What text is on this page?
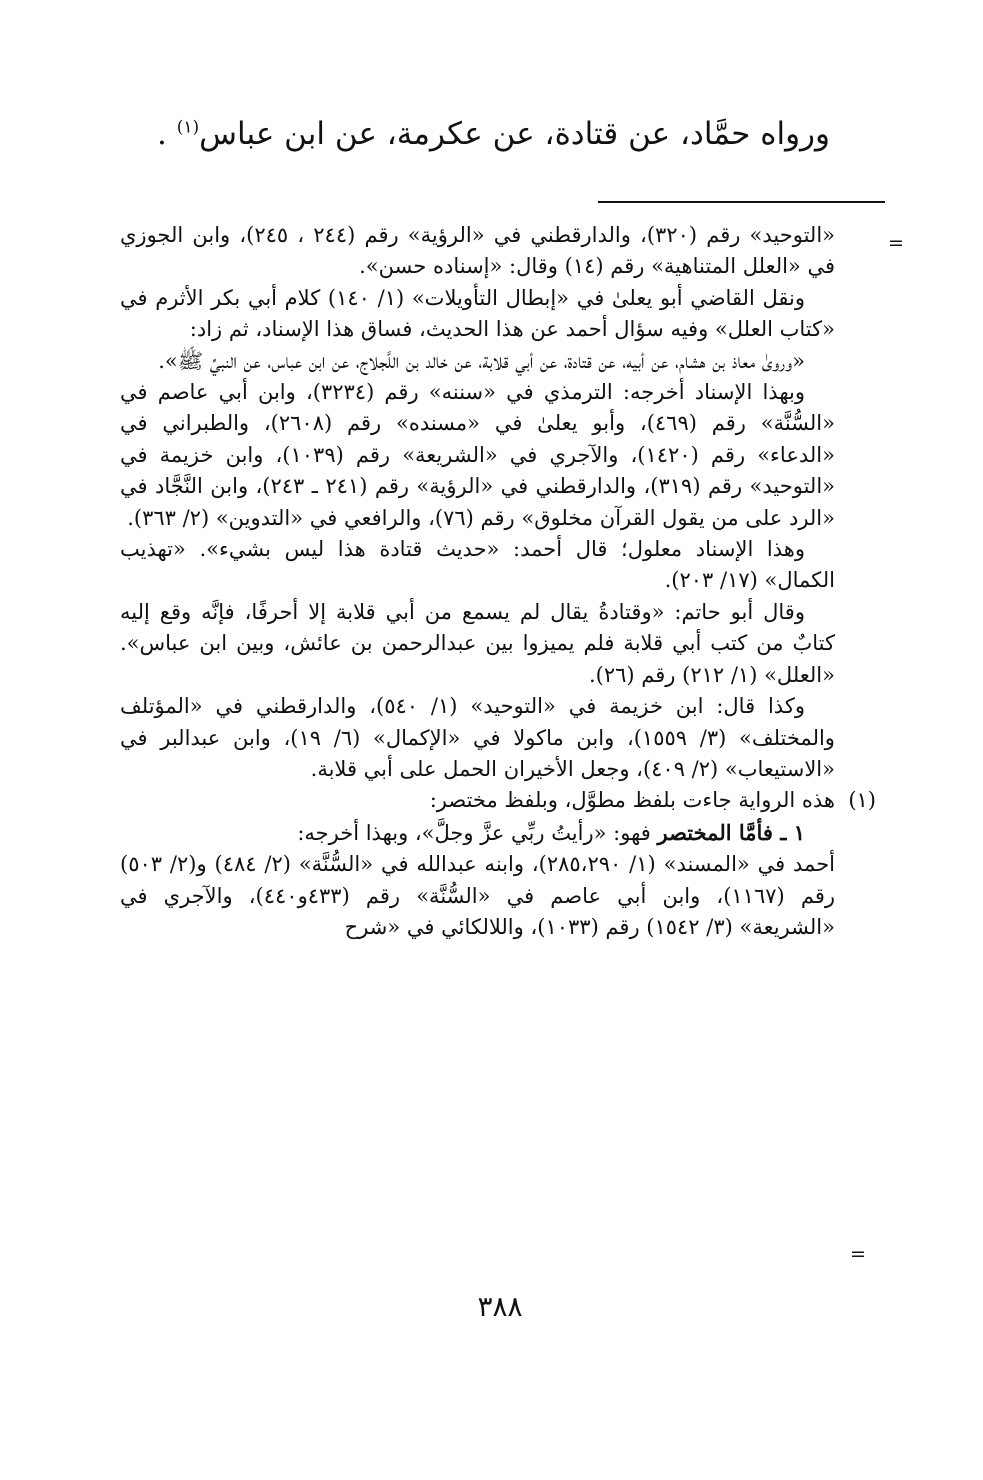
ورواه حمَّاد، عن قتادة، عن عكرمة، عن ابن عباس$^{(١)}$ .
=

«التوحيد» رقم (٣٢٠)، والدارقطني في «الرؤية» رقم (٢٤٤ ، ٢٤٥)، وابن الجوزي في «العلل المتناهية» رقم (١٤) وقال: «إسناده حسن».

ونقل القاضي أبو يعلىٰ في «إبطال التأويلات» (١/ ١٤٠) كلام أبي بكر الأثرم في «كتاب العلل» وفيه سؤال أحمد عن هذا الحديث، فساق هذا الإسناد، ثم زاد:

«وروىٰ معاذ بن هشام، عن أبيه، عن قتادة، عن أبي قلابة، عن خالد بن اللَّجلاج، عن ابن عباس، عن النبيِّ ﷺ».

وبهذا الإسناد أخرجه: الترمذي في «سننه» رقم (٣٢٣٤)، وابن أبي عاصم في «السُّنَّة» رقم (٤٦٩)، وأبو يعلىٰ في «مسنده» رقم (٢٦٠٨)، والطبراني في «الدعاء» رقم (١٤٢٠)، والآجري في «الشريعة» رقم (١٠٣٩)، وابن خزيمة في «التوحيد» رقم (٣١٩)، والدارقطني في «الرؤية» رقم (٢٤١ ـ ٢٤٣)، وابن النَّجَّاد في «الرد على من يقول القرآن مخلوق» رقم (٧٦)، والرافعي في «التدوين» (٢/ ٣٦٣).

وهذا الإسناد معلول؛ قال أحمد: «حديث قتادة هذا ليس بشيء». «تهذيب الكمال» (١٧/ ٢٠٣).

وقال أبو حاتم: «وقتادةُ يقال لم يسمع من أبي قلابة إلا أحرفًا، فإنَّه وقع إليه كتابٌ من كتب أبي قلابة فلم يميزوا بين عبدالرحمن بن عائش، وبين ابن عباس». «العلل» (١/ ٢١٢) رقم (٢٦).

وكذا قال: ابن خزيمة في «التوحيد» (١/ ٥٤٠)، والدارقطني في «المؤتلف والمختلف» (٣/ ١٥٥٩)، وابن ماكولا في «الإكمال» (٦/ ١٩)، وابن عبدالبر في «الاستيعاب» (٢/ ٤٠٩)، وجعل الأخيران الحمل على أبي قلابة.

هذه الرواية جاءت بلفظ مطوَّل، وبلفظ مختصر:

١ ـ فأمَّا المختصر فهو: «رأيتُ ربِّي عزَّ وجلَّ»، وبهذا أخرجه:

أحمد في «المسند» (١/ ٢٨٥،٢٩٠)، وابنه عبدالله في «السُّنَّة» (٢/ ٤٨٤) و(٢/ ٥٠٣) رقم (١١٦٧)، وابن أبي عاصم في «السُّنَّة» رقم (٤٣٣و٤٤٠)، والآجري في «الشريعة» (٣/ ١٥٤٢) رقم (١٠٣٣)، واللالكائي في «شرح

(١)
=
٣٨٨
